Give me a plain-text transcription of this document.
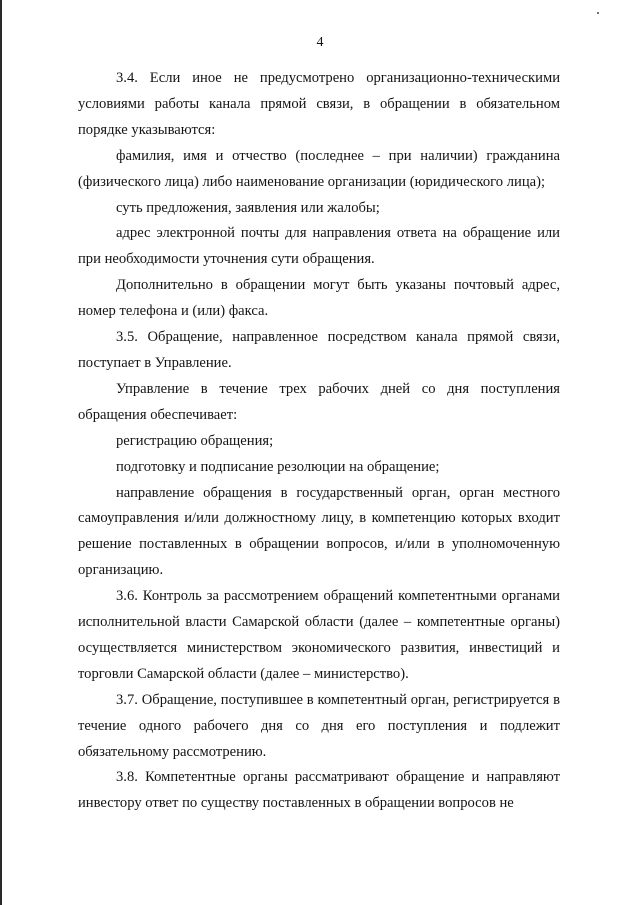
4

3.4. Если иное не предусмотрено организационно-техническими условиями работы канала прямой связи, в обращении в обязательном порядке указываются:

фамилия, имя и отчество (последнее – при наличии) гражданина (физического лица) либо наименование организации (юридического лица);

суть предложения, заявления или жалобы;

адрес электронной почты для направления ответа на обращение или при необходимости уточнения сути обращения.

Дополнительно в обращении могут быть указаны почтовый адрес, номер телефона и (или) факса.

3.5. Обращение, направленное посредством канала прямой связи, поступает в Управление.

Управление в течение трех рабочих дней со дня поступления обращения обеспечивает:

регистрацию обращения;

подготовку и подписание резолюции на обращение;

направление обращения в государственный орган, орган местного самоуправления и/или должностному лицу, в компетенцию которых входит решение поставленных в обращении вопросов, и/или в уполномоченную организацию.

3.6. Контроль за рассмотрением обращений компетентными органами исполнительной власти Самарской области (далее – компетентные органы) осуществляется министерством экономического развития, инвестиций и торговли Самарской области (далее – министерство).

3.7. Обращение, поступившее в компетентный орган, регистрируется в течение одного рабочего дня со дня его поступления и подлежит обязательному рассмотрению.

3.8. Компетентные органы рассматривают обращение и направляют инвестору ответ по существу поставленных в обращении вопросов не
